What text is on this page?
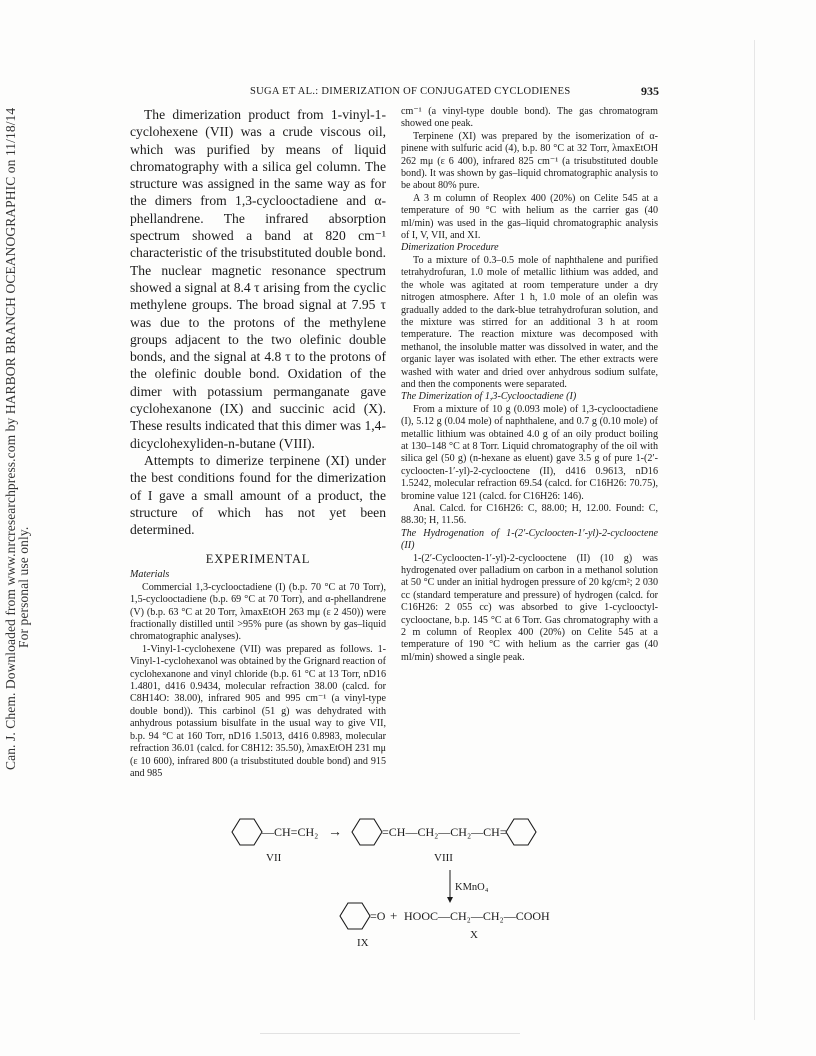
Can. J. Chem. Downloaded from www.nrcresearchpress.com by HARBOR BRANCH OCEANOGRAPHIC on 11/18/14
For personal use only.
SUGA ET AL.: DIMERIZATION OF CONJUGATED CYCLODIENES	935

The dimerization product from 1-vinyl-1-cyclohexene (VII) was a crude viscous oil, which was purified by means of liquid chromatography with a silica gel column. The structure was assigned in the same way as for the dimers from 1,3-cyclooctadiene and α-phellandrene. The infrared absorption spectrum showed a band at 820 cm⁻¹ characteristic of the trisubstituted double bond. The nuclear magnetic resonance spectrum showed a signal at 8.4 τ arising from the cyclic methylene groups. The broad signal at 7.95 τ was due to the protons of the methylene groups adjacent to the two olefinic double bonds, and the signal at 4.8 τ to the protons of the olefinic double bond. Oxidation of the dimer with potassium permanganate gave cyclohexanone (IX) and succinic acid (X). These results indicated that this dimer was 1,4-dicyclohexyliden-n-butane (VIII).

Attempts to dimerize terpinene (XI) under the best conditions found for the dimerization of I gave a small amount of a product, the structure of which has not yet been determined.

EXPERIMENTAL

Materials

Commercial 1,3-cyclooctadiene (I) (b.p. 70 °C at 70 Torr), 1,5-cyclooctadiene (b.p. 69 °C at 70 Torr), and α-phellandrene (V) (b.p. 63 °C at 20 Torr, λmaxEtOH 263 mμ (ε 2 450)) were fractionally distilled until >95% pure (as shown by gas–liquid chromatographic analyses).

1-Vinyl-1-cyclohexene (VII) was prepared as follows. 1-Vinyl-1-cyclohexanol was obtained by the Grignard reaction of cyclohexanone and vinyl chloride (b.p. 61 °C at 13 Torr, nD16 1.4801, d416 0.9434, molecular refraction 38.00 (calcd. for C8H14O: 38.00), infrared 905 and 995 cm⁻¹ (a vinyl-type double bond)). This carbinol (51 g) was dehydrated with anhydrous potassium bisulfate in the usual way to give VII, b.p. 94 °C at 160 Torr, nD16 1.5013, d416 0.8983, molecular refraction 36.01 (calcd. for C8H12: 35.50), λmaxEtOH 231 mμ (ε 10 600), infrared 800 (a trisubstituted double bond) and 915 and 985

cm⁻¹ (a vinyl-type double bond). The gas chromatogram showed one peak.

Terpinene (XI) was prepared by the isomerization of α-pinene with sulfuric acid (4), b.p. 80 °C at 32 Torr, λmaxEtOH 262 mμ (ε 6 400), infrared 825 cm⁻¹ (a trisubstituted double bond). It was shown by gas–liquid chromatographic analysis to be about 80% pure.

A 3 m column of Reoplex 400 (20%) on Celite 545 at a temperature of 90 °C with helium as the carrier gas (40 ml/min) was used in the gas–liquid chromatographic analysis of I, V, VII, and XI.

Dimerization Procedure

To a mixture of 0.3–0.5 mole of naphthalene and purified tetrahydrofuran, 1.0 mole of metallic lithium was added, and the whole was agitated at room temperature under a dry nitrogen atmosphere. After 1 h, 1.0 mole of an olefin was gradually added to the dark-blue tetrahydrofuran solution, and the mixture was stirred for an additional 3 h at room temperature. The reaction mixture was decomposed with methanol, the insoluble matter was dissolved in water, and the organic layer was isolated with ether. The ether extracts were washed with water and dried over anhydrous sodium sulfate, and then the components were separated.

The Dimerization of 1,3-Cyclooctadiene (I)

From a mixture of 10 g (0.093 mole) of 1,3-cyclooctadiene (I), 5.12 g (0.04 mole) of naphthalene, and 0.7 g (0.10 mole) of metallic lithium was obtained 4.0 g of an oily product boiling at 130–148 °C at 8 Torr. Liquid chromatography of the oil with silica gel (50 g) (n-hexane as eluent) gave 3.5 g of pure 1-(2′-cycloocten-1′-yl)-2-cyclooctene (II), d416 0.9613, nD16 1.5242, molecular refraction 69.54 (calcd. for C16H26: 70.75), bromine value 121 (calcd. for C16H26: 146).

Anal. Calcd. for C16H26: C, 88.00; H, 12.00. Found: C, 88.30; H, 11.56.

The Hydrogenation of 1-(2′-Cycloocten-1′-yl)-2-cyclooctene (II)

1-(2′-Cycloocten-1′-yl)-2-cyclooctene (II) (10 g) was hydrogenated over palladium on carbon in a methanol solution at 50 °C under an initial hydrogen pressure of 20 kg/cm²; 2 030 cc (standard temperature and pressure) of hydrogen (calcd. for C16H26: 2 055 cc) was absorbed to give 1-cyclooctyl-cyclooctane, b.p. 145 °C at 6 Torr. Gas chromatography with a 2 m column of Reoplex 400 (20%) on Celite 545 at a temperature of 190 °C with helium as the carrier gas (40 ml/min) showed a single peak.

—CH=CH₂ →	=CH—CH₂—CH₂—CH=
VII	VIII
KMnO₄
=O + HOOC—CH₂—CH₂—COOH
IX
X
